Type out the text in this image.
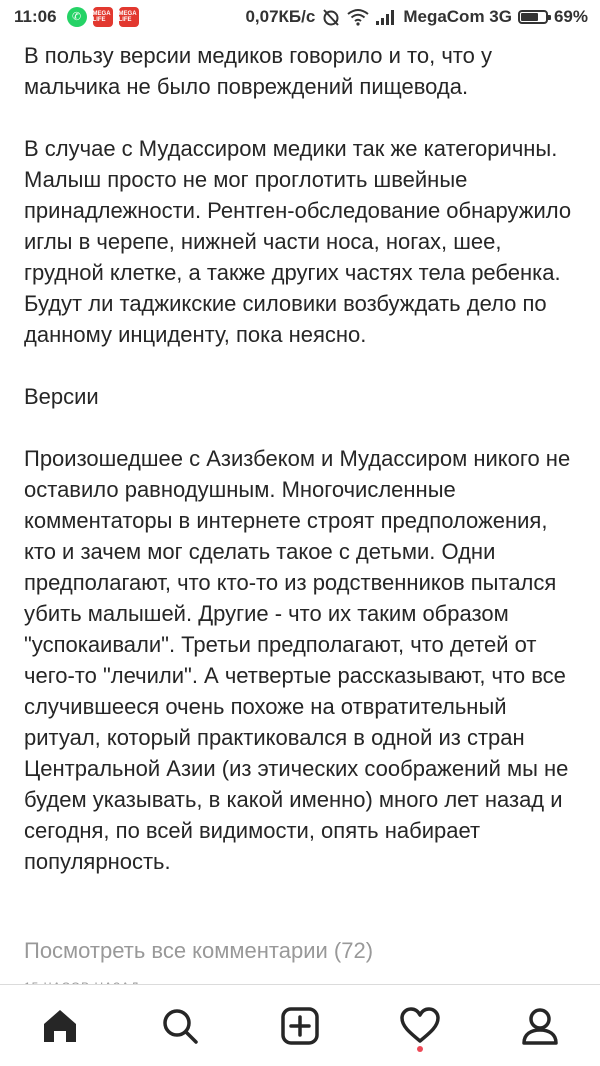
11:06	✆	MEGA LIFE
MEGA LIFE	0,07КБ/с	MegaCom 3G 69%

В пользу версии медиков говорило и то, что у мальчика не было повреждений пищевода.

В случае с Мудассиром медики так же категоричны. Малыш просто не мог проглотить швейные принадлежности. Рентген-обследование обнаружило иглы в черепе, нижней части носа, ногах, шее, грудной клетке, а также других частях тела ребенка. Будут ли таджикские силовики возбуждать дело по данному инциденту, пока неясно.

Версии

Произошедшее с Азизбеком и Мудассиром никого не оставило равнодушным. Многочисленные комментаторы в интернете строят предположения, кто и зачем мог сделать такое с детьми. Одни предполагают, что кто-то из родственников пытался убить малышей. Другие - что их таким образом "успокаивали". Третьи предполагают, что детей от чего-то "лечили". А четвертые рассказывают, что все случившееся очень похоже на отвратительный ритуал, который практиковался в одной из стран Центральной Азии (из этических соображений мы не будем указывать, в какой именно) много лет назад и сегодня, по всей видимости, опять набирает популярность.

Посмотреть все комментарии (72)
